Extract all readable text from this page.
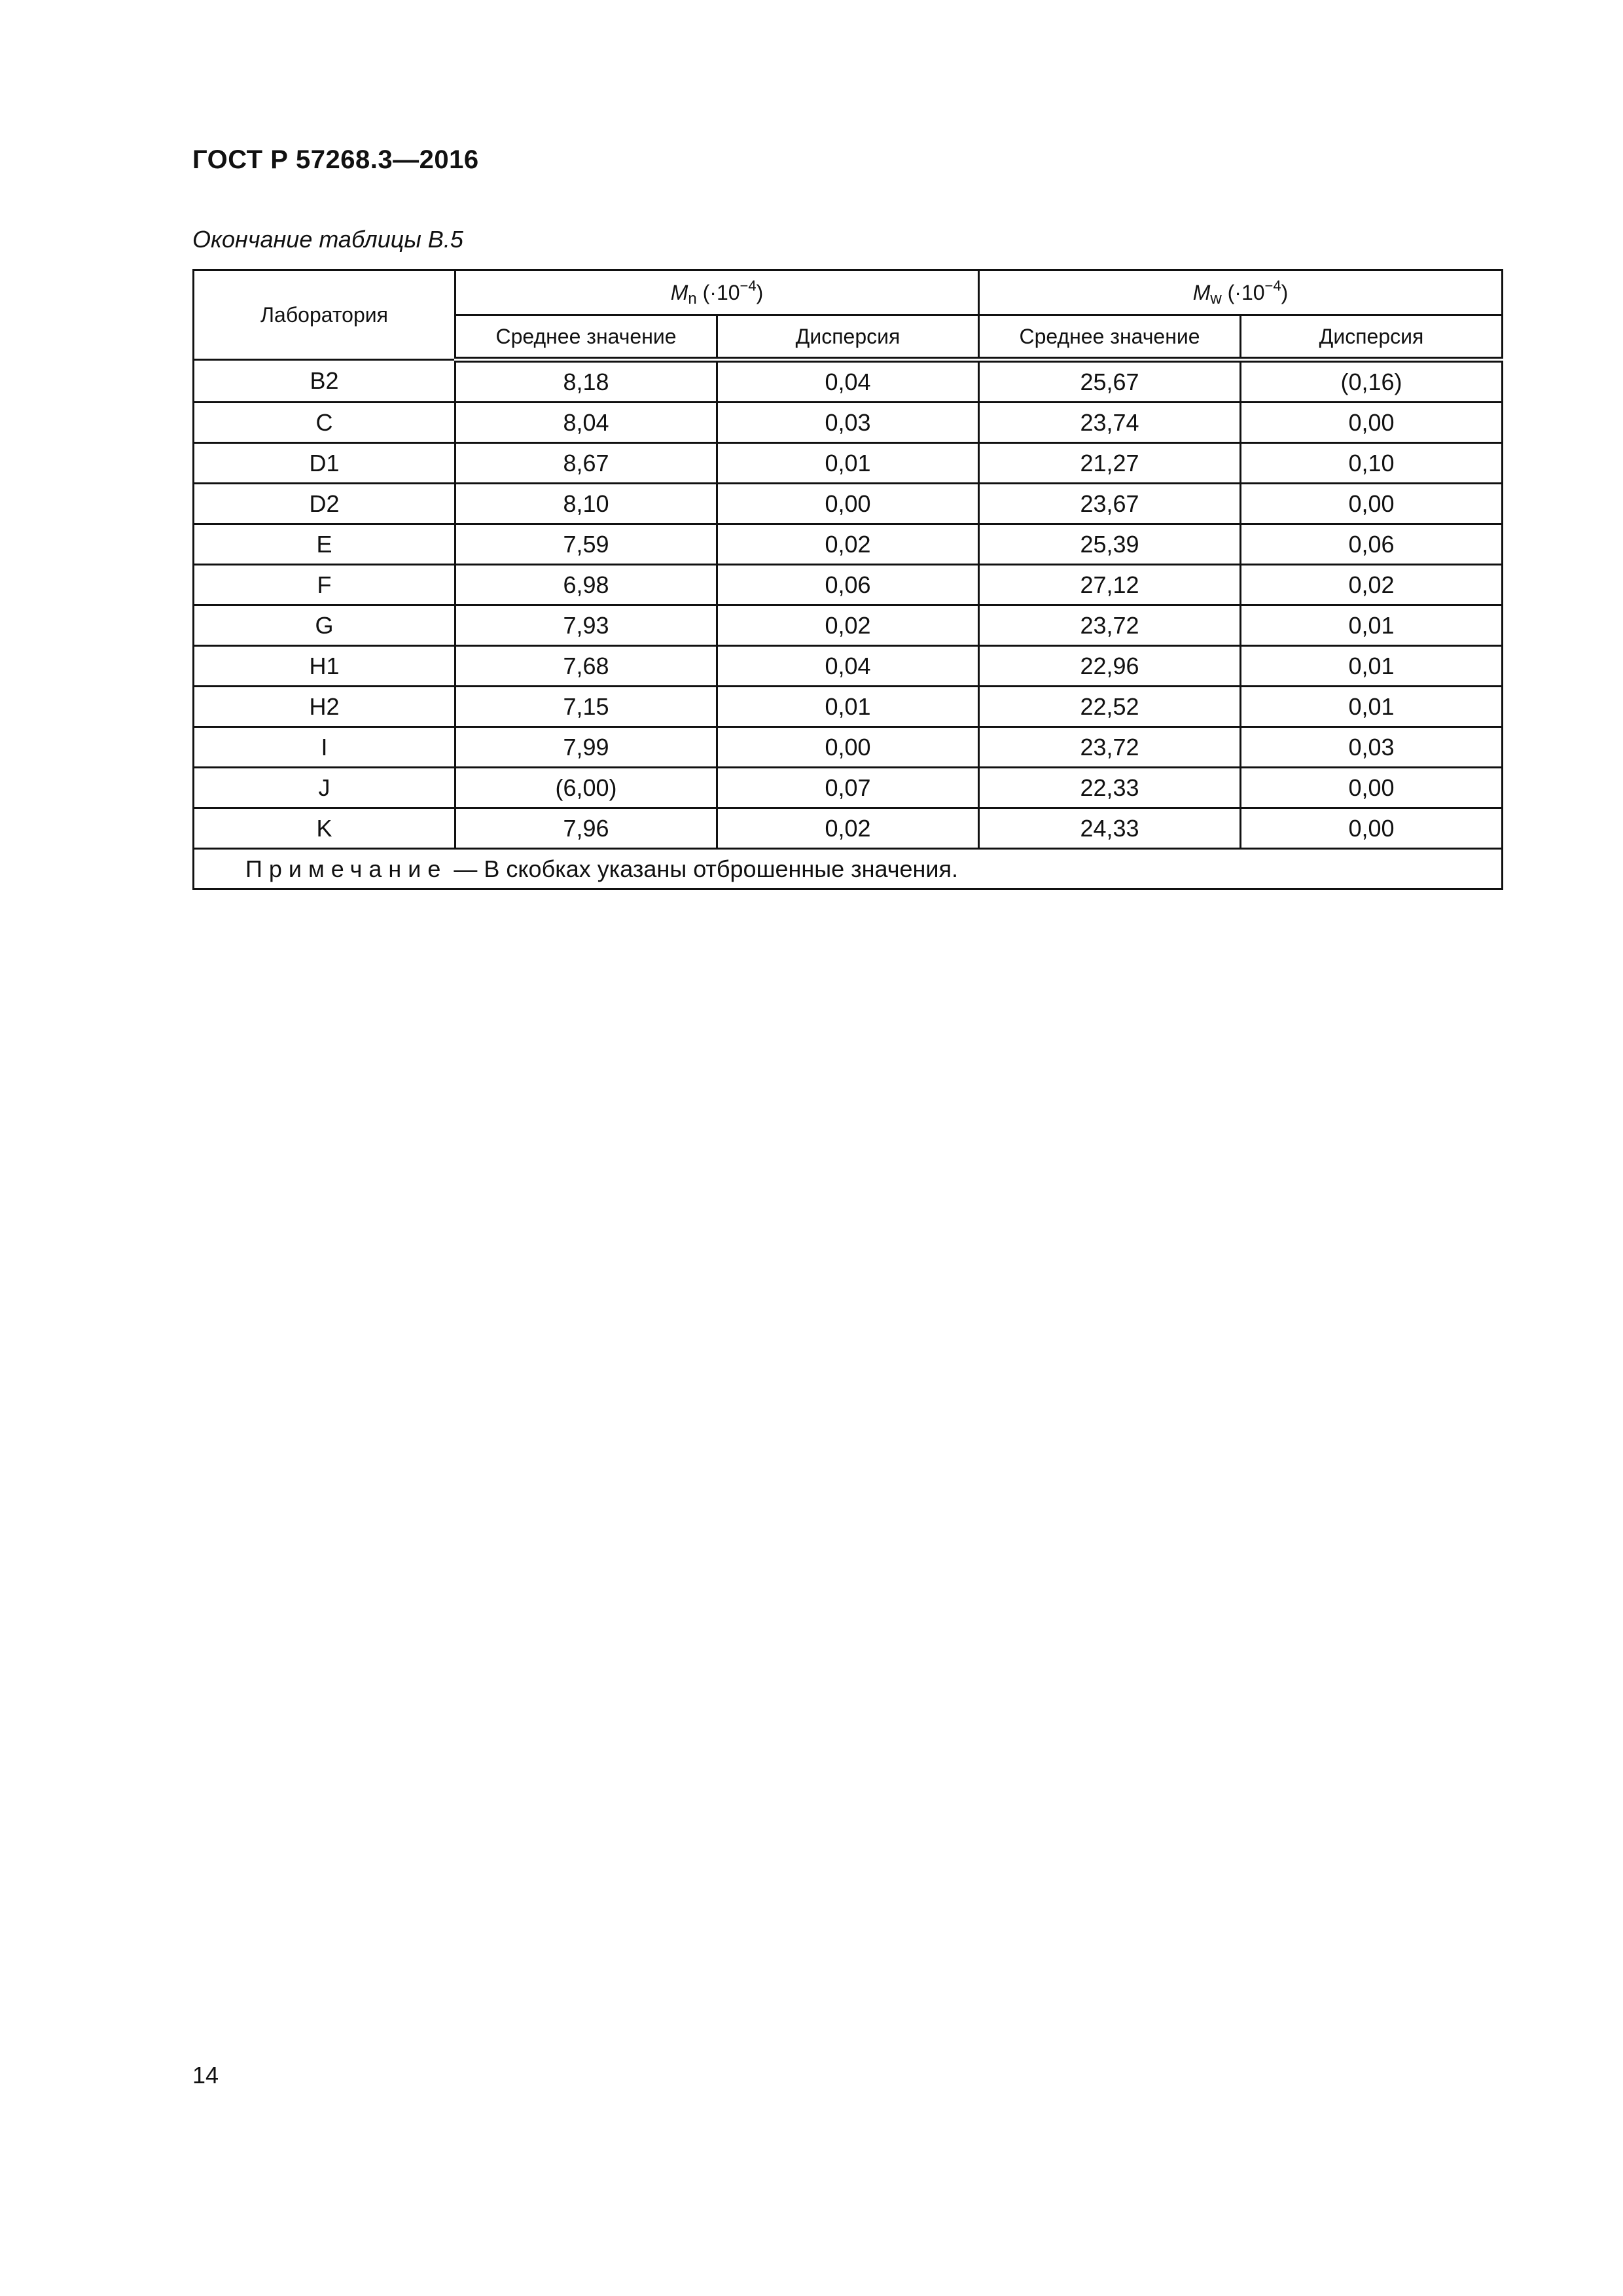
ГОСТ Р 57268.3—2016
Окончание таблицы В.5
Лаборатория	$M_n$ $(\cdot 10^{-4})$		$M_w$ $(\cdot 10^{-4})$	
	Среднее значение	Дисперсия	Среднее значение	Дисперсия
B2	8,18	0,04	25,67	(0,16)
C	8,04	0,03	23,74	0,00
D1	8,67	0,01	21,27	0,10
D2	8,10	0,00	23,67	0,00
E	7,59	0,02	25,39	0,06
F	6,98	0,06	27,12	0,02
G	7,93	0,02	23,72	0,01
H1	7,68	0,04	22,96	0,01
H2	7,15	0,01	22,52	0,01
I	7,99	0,00	23,72	0,03
J	(6,00)	0,07	22,33	0,00
K	7,96	0,02	24,33	0,00
Примечание — В скобках указаны отброшенные значения.				
14
